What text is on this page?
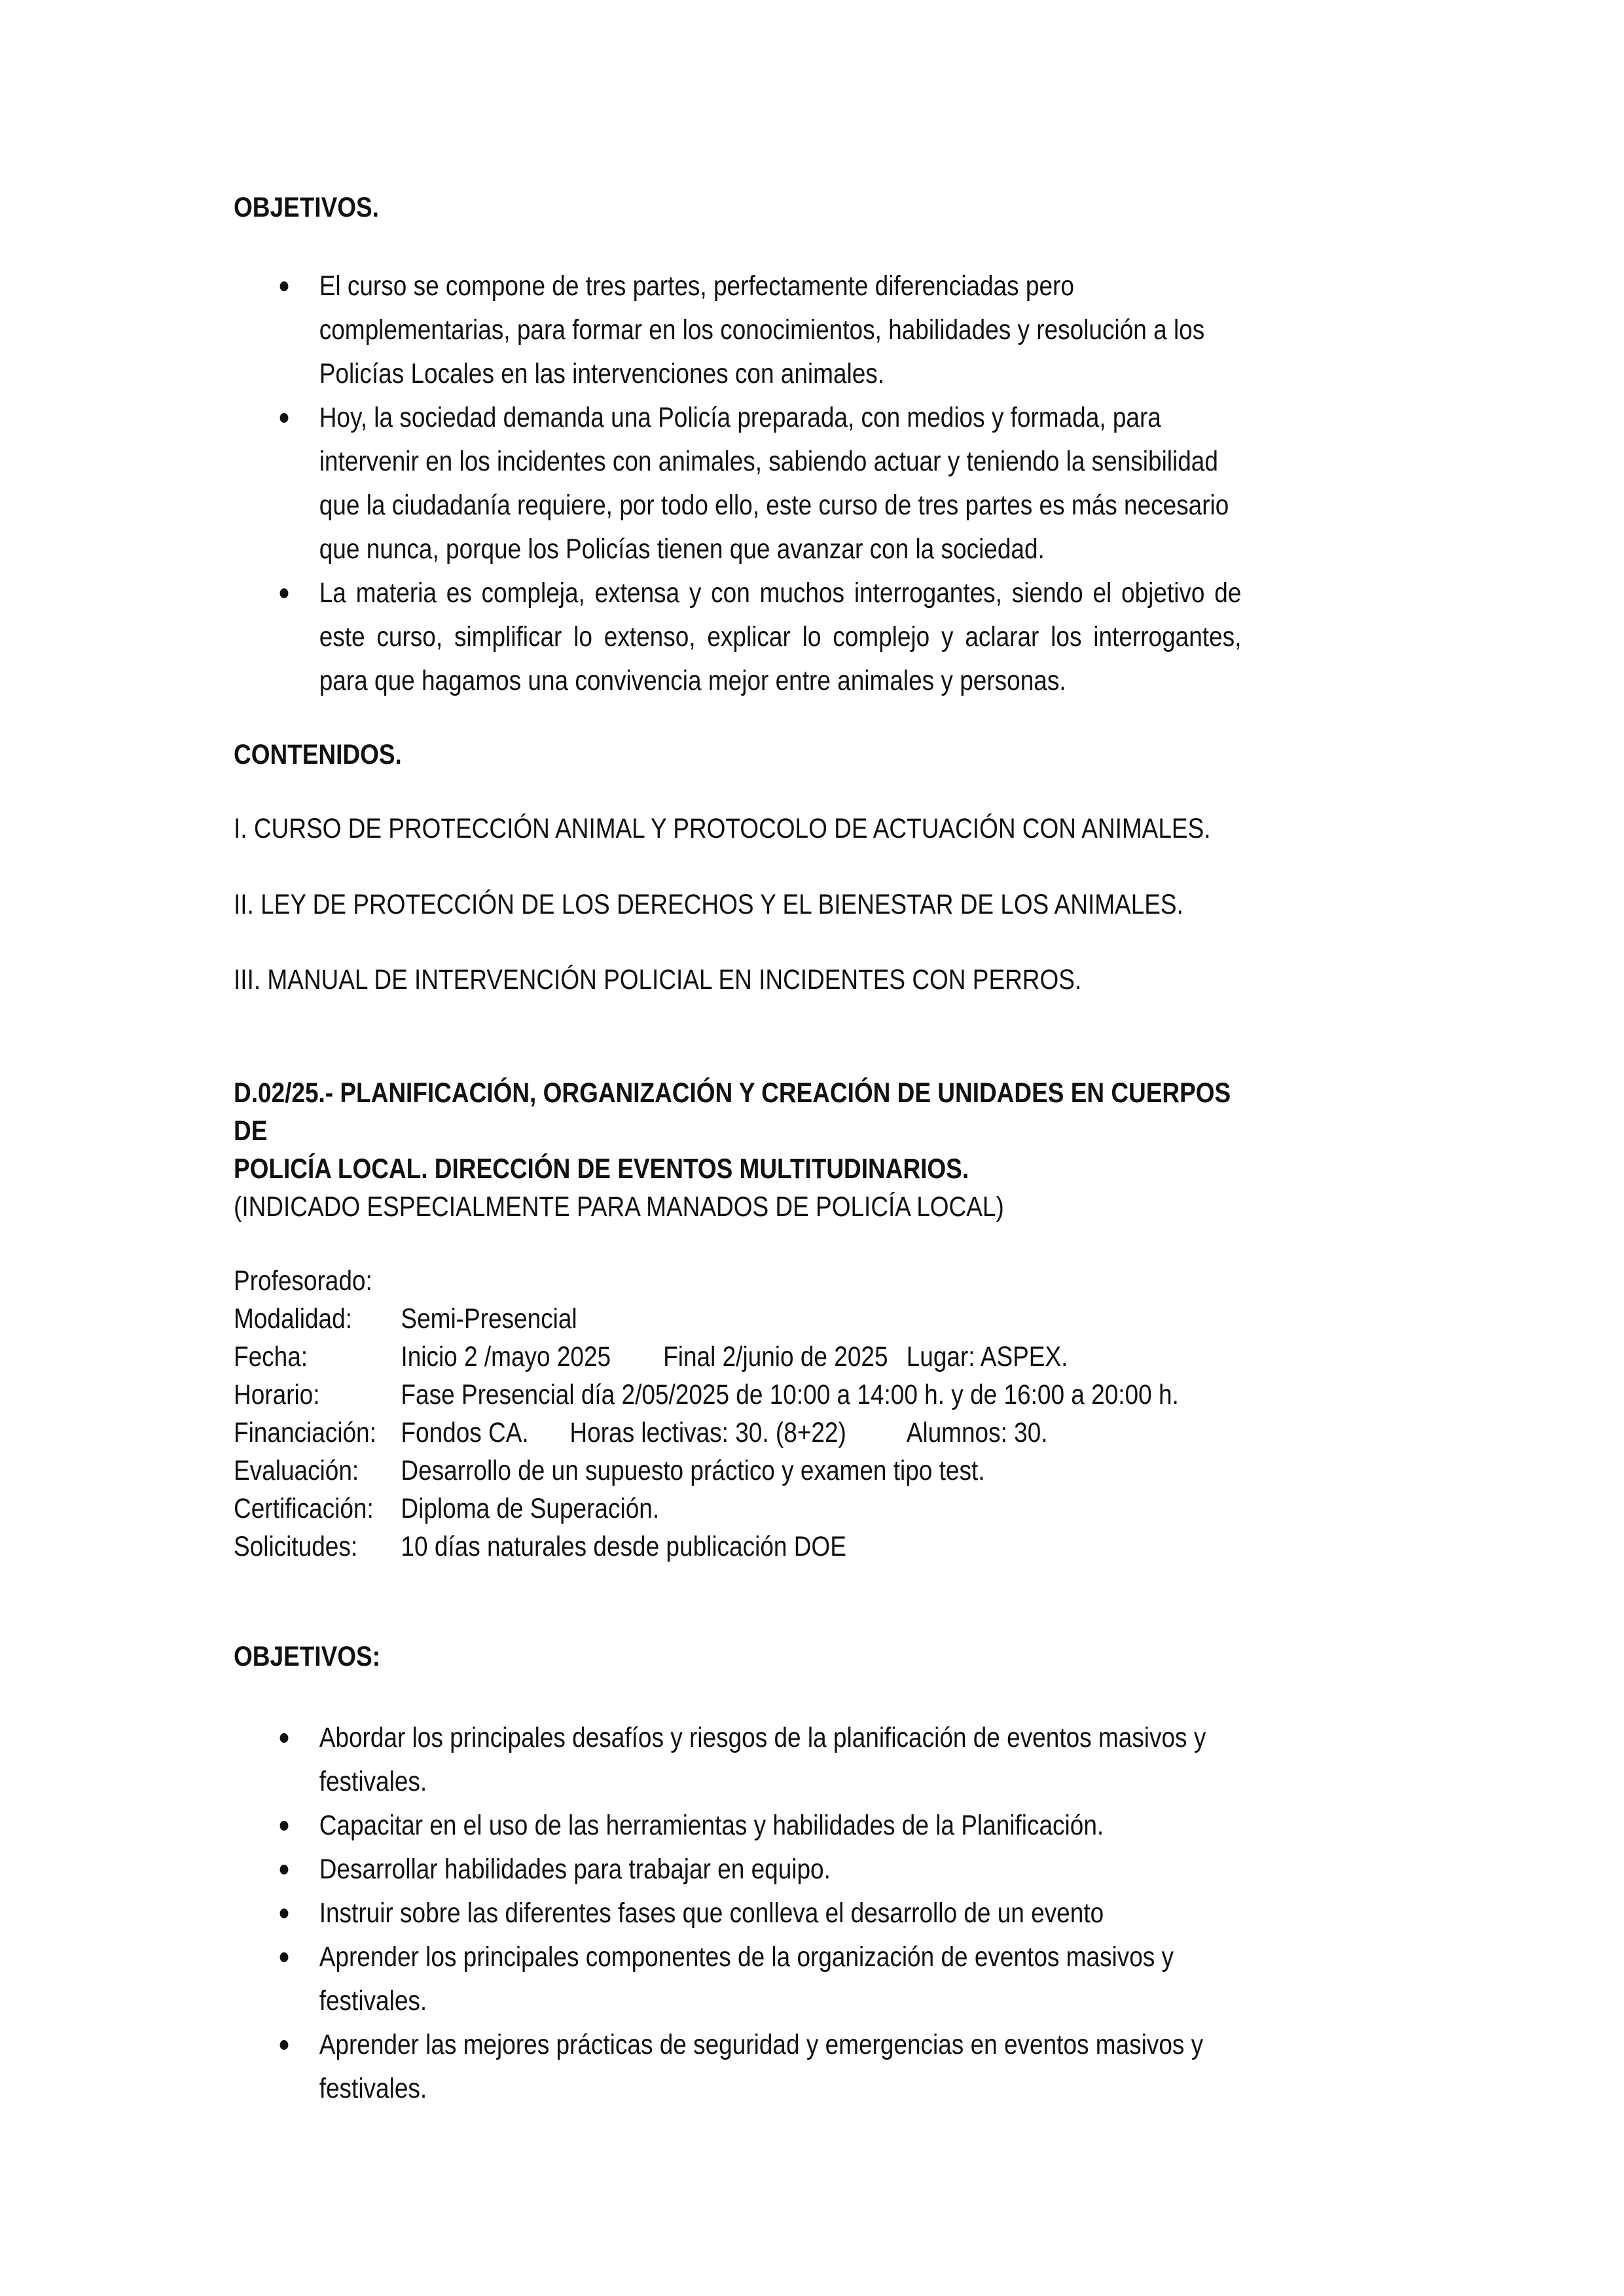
OBJETIVOS.
El curso se compone de tres partes, perfectamente diferenciadas pero complementarias, para formar en los conocimientos, habilidades y resolución a los Policías Locales en las intervenciones con animales.
Hoy, la sociedad demanda una Policía preparada, con medios y formada, para intervenir en los incidentes con animales, sabiendo actuar y teniendo la sensibilidad que la ciudadanía requiere, por todo ello, este curso de tres partes es más necesario que nunca, porque los Policías tienen que avanzar con la sociedad.
La materia es compleja, extensa y con muchos interrogantes, siendo el objetivo de este curso, simplificar lo extenso, explicar lo complejo y aclarar los interrogantes, para que hagamos una convivencia mejor entre animales y personas.
CONTENIDOS.

I. CURSO DE PROTECCIÓN ANIMAL Y PROTOCOLO DE ACTUACIÓN CON ANIMALES.

II. LEY DE PROTECCIÓN DE LOS DERECHOS Y EL BIENESTAR DE LOS ANIMALES.

III. MANUAL DE INTERVENCIÓN POLICIAL EN INCIDENTES CON PERROS.

D.02/25.- PLANIFICACIÓN, ORGANIZACIÓN Y CREACIÓN DE UNIDADES EN CUERPOS DE
POLICÍA LOCAL. DIRECCIÓN DE EVENTOS MULTITUDINARIOS.

(INDICADO ESPECIALMENTE PARA MANADOS DE POLICÍA LOCAL)

Profesorado:
Modalidad: Semi-Presencial
Fecha:	Inicio 2 /mayo 2025 Final 2/junio de 2025 Lugar: ASPEX.
Horario:	Fase Presencial día 2/05/2025 de 10:00 a 14:00 h. y de 16:00 a 20:00 h.
Financiación: Fondos CA. Horas lectivas: 30. (8+22) Alumnos: 30.
Evaluación: Desarrollo de un supuesto práctico y examen tipo test.
Certificación: Diploma de Superación.
Solicitudes: 10 días naturales desde publicación DOE
OBJETIVOS:
Abordar los principales desafíos y riesgos de la planificación de eventos masivos y festivales.
Capacitar en el uso de las herramientas y habilidades de la Planificación.
Desarrollar habilidades para trabajar en equipo.
Instruir sobre las diferentes fases que conlleva el desarrollo de un evento
Aprender los principales componentes de la organización de eventos masivos y festivales.
Aprender las mejores prácticas de seguridad y emergencias en eventos masivos y festivales.
